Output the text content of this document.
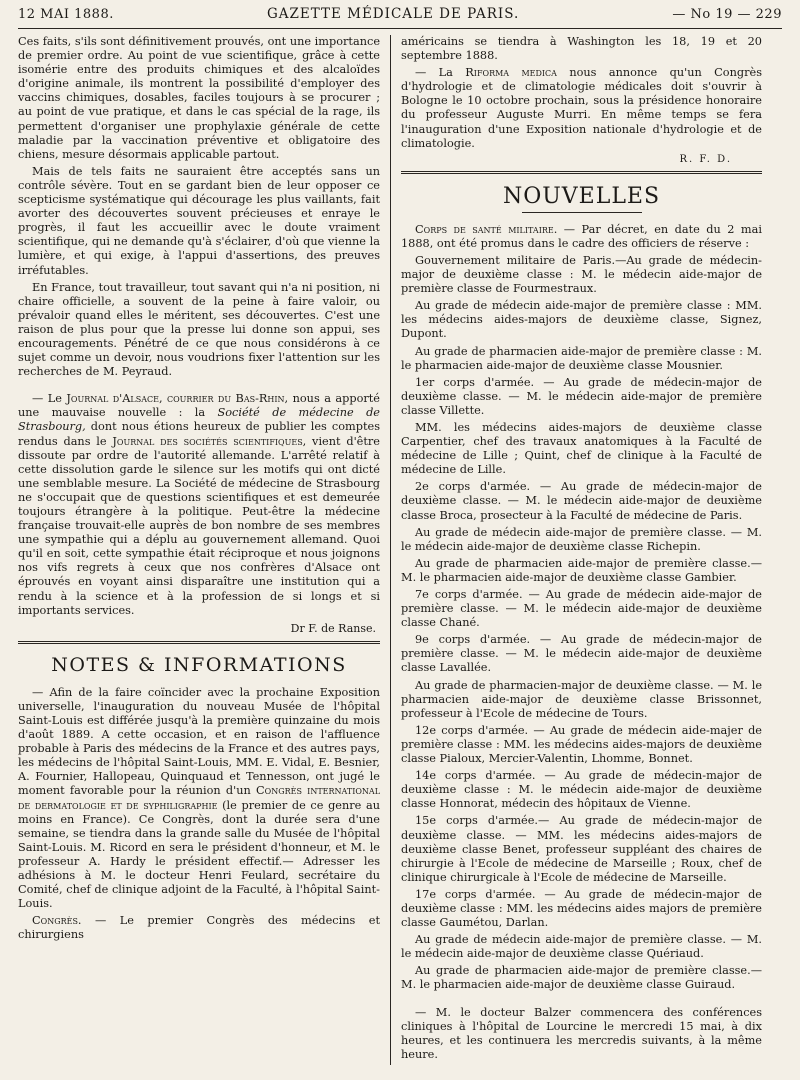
12 MAI 1888.	GAZETTE MÉDICALE DE PARIS.	— No 19 — 229

Ces faits, s'ils sont définitivement prouvés, ont une importance de premier ordre. Au point de vue scientifique, grâce à cette isomérie entre des produits chimiques et des alcaloïdes d'origine animale, ils montrent la possibilité d'employer des vaccins chimiques, dosables, faciles toujours à se procurer ; au point de vue pratique, et dans le cas spécial de la rage, ils permettent d'organiser une prophylaxie générale de cette maladie par la vaccination préventive et obligatoire des chiens, mesure désormais applicable partout.

Mais de tels faits ne sauraient être acceptés sans un contrôle sévère. Tout en se gardant bien de leur opposer ce scepticisme systématique qui décourage les plus vaillants, fait avorter des découvertes souvent précieuses et enraye le progrès, il faut les accueillir avec le doute vraiment scientifique, qui ne demande qu'à s'éclairer, d'où que vienne la lumière, et qui exige, à l'appui d'assertions, des preuves irréfutables.

En France, tout travailleur, tout savant qui n'a ni position, ni chaire officielle, a souvent de la peine à faire valoir, ou prévaloir quand elles le méritent, ses découvertes. C'est une raison de plus pour que la presse lui donne son appui, ses encouragements. Pénétré de ce que nous considérons à ce sujet comme un devoir, nous voudrions fixer l'attention sur les recherches de M. Peyraud.

— Le Journal d'Alsace, courrier du Bas-Rhin, nous a apporté une mauvaise nouvelle : la Société de médecine de Strasbourg, dont nous étions heureux de publier les comptes rendus dans le Journal des sociétés scientifiques, vient d'être dissoute par ordre de l'autorité allemande. L'arrêté relatif à cette dissolution garde le silence sur les motifs qui ont dicté une semblable mesure. La Société de médecine de Strasbourg ne s'occupait que de questions scientifiques et est demeurée toujours étrangère à la politique. Peut-être la médecine française trouvait-elle auprès de bon nombre de ses membres une sympathie qui a déplu au gouvernement allemand. Quoi qu'il en soit, cette sympathie était réciproque et nous joignons nos vifs regrets à ceux que nos confrères d'Alsace ont éprouvés en voyant ainsi disparaître une institution qui a rendu à la science et à la profession de si longs et si importants services.

Dr F. de Ranse.
NOTES & INFORMATIONS

— Afin de la faire coïncider avec la prochaine Exposition universelle, l'inauguration du nouveau Musée de l'hôpital Saint-Louis est différée jusqu'à la première quinzaine du mois d'août 1889. A cette occasion, et en raison de l'affluence probable à Paris des médecins de la France et des autres pays, les médecins de l'hôpital Saint-Louis, MM. E. Vidal, E. Besnier, A. Fournier, Hallopeau, Quinquaud et Tennesson, ont jugé le moment favorable pour la réunion d'un Congrès international de dermatologie et de syphiligraphie (le premier de ce genre au moins en France). Ce Congrès, dont la durée sera d'une semaine, se tiendra dans la grande salle du Musée de l'hôpital Saint-Louis. M. Ricord en sera le président d'honneur, et M. le professeur A. Hardy le président effectif.— Adresser les adhésions à M. le docteur Henri Feulard, secrétaire du Comité, chef de clinique adjoint de la Faculté, à l'hôpital Saint-Louis.

Congrès. — Le premier Congrès des médecins et chirurgiens

américains se tiendra à Washington les 18, 19 et 20 septembre 1888.

— La Riforma medica nous annonce qu'un Congrès d'hydrologie et de climatologie médicales doit s'ouvrir à Bologne le 10 octobre prochain, sous la présidence honoraire du professeur Auguste Murri. En même temps se fera l'inauguration d'une Exposition nationale d'hydrologie et de climatologie.

R. F. D.
NOUVELLES

Corps de santé militaire. — Par décret, en date du 2 mai 1888, ont été promus dans le cadre des officiers de réserve :

Gouvernement militaire de Paris.—Au grade de médecin-major de deuxième classe : M. le médecin aide-major de première classe de Fourmestraux.

Au grade de médecin aide-major de première classe : MM. les médecins aides-majors de deuxième classe, Signez, Dupont.

Au grade de pharmacien aide-major de première classe : M. le pharmacien aide-major de deuxième classe Mousnier.

1er corps d'armée. — Au grade de médecin-major de deuxième classe. — M. le médecin aide-major de première classe Villette.

MM. les médecins aides-majors de deuxième classe Carpentier, chef des travaux anatomiques à la Faculté de médecine de Lille ; Quint, chef de clinique à la Faculté de médecine de Lille.

2e corps d'armée. — Au grade de médecin-major de deuxième classe. — M. le médecin aide-major de deuxième classe Broca, prosecteur à la Faculté de médecine de Paris.

Au grade de médecin aide-major de première classe. — M. le médecin aide-major de deuxième classe Richepin.

Au grade de pharmacien aide-major de première classe.— M. le pharmacien aide-major de deuxième classe Gambier.

7e corps d'armée. — Au grade de médecin aide-major de première classe. — M. le médecin aide-major de deuxième classe Chané.

9e corps d'armée. — Au grade de médecin-major de première classe. — M. le médecin aide-major de deuxième classe Lavallée.

Au grade de pharmacien-major de deuxième classe. — M. le pharmacien aide-major de deuxième classe Brissonnet, professeur à l'Ecole de médecine de Tours.

12e corps d'armée. — Au grade de médecin aide-majer de première classe : MM. les médecins aides-majors de deuxième classe Pialoux, Mercier-Valentin, Lhomme, Bonnet.

14e corps d'armée. — Au grade de médecin-major de deuxième classe : M. le médecin aide-major de deuxième classe Honnorat, médecin des hôpitaux de Vienne.

15e corps d'armée.— Au grade de médecin-major de deuxième classe. — MM. les médecins aides-majors de deuxième classe Benet, professeur suppléant des chaires de chirurgie à l'Ecole de médecine de Marseille ; Roux, chef de clinique chirurgicale à l'Ecole de médecine de Marseille.

17e corps d'armée. — Au grade de médecin-major de deuxième classe : MM. les médecins aides majors de première classe Gaumétou, Darlan.

Au grade de médecin aide-major de première classe. — M. le médecin aide-major de deuxième classe Quériaud.

Au grade de pharmacien aide-major de première classe.—M. le pharmacien aide-major de deuxième classe Guiraud.

— M. le docteur Balzer commencera des conférences cliniques à l'hôpital de Lourcine le mercredi 15 mai, à dix heures, et les continuera les mercredis suivants, à la même heure.
